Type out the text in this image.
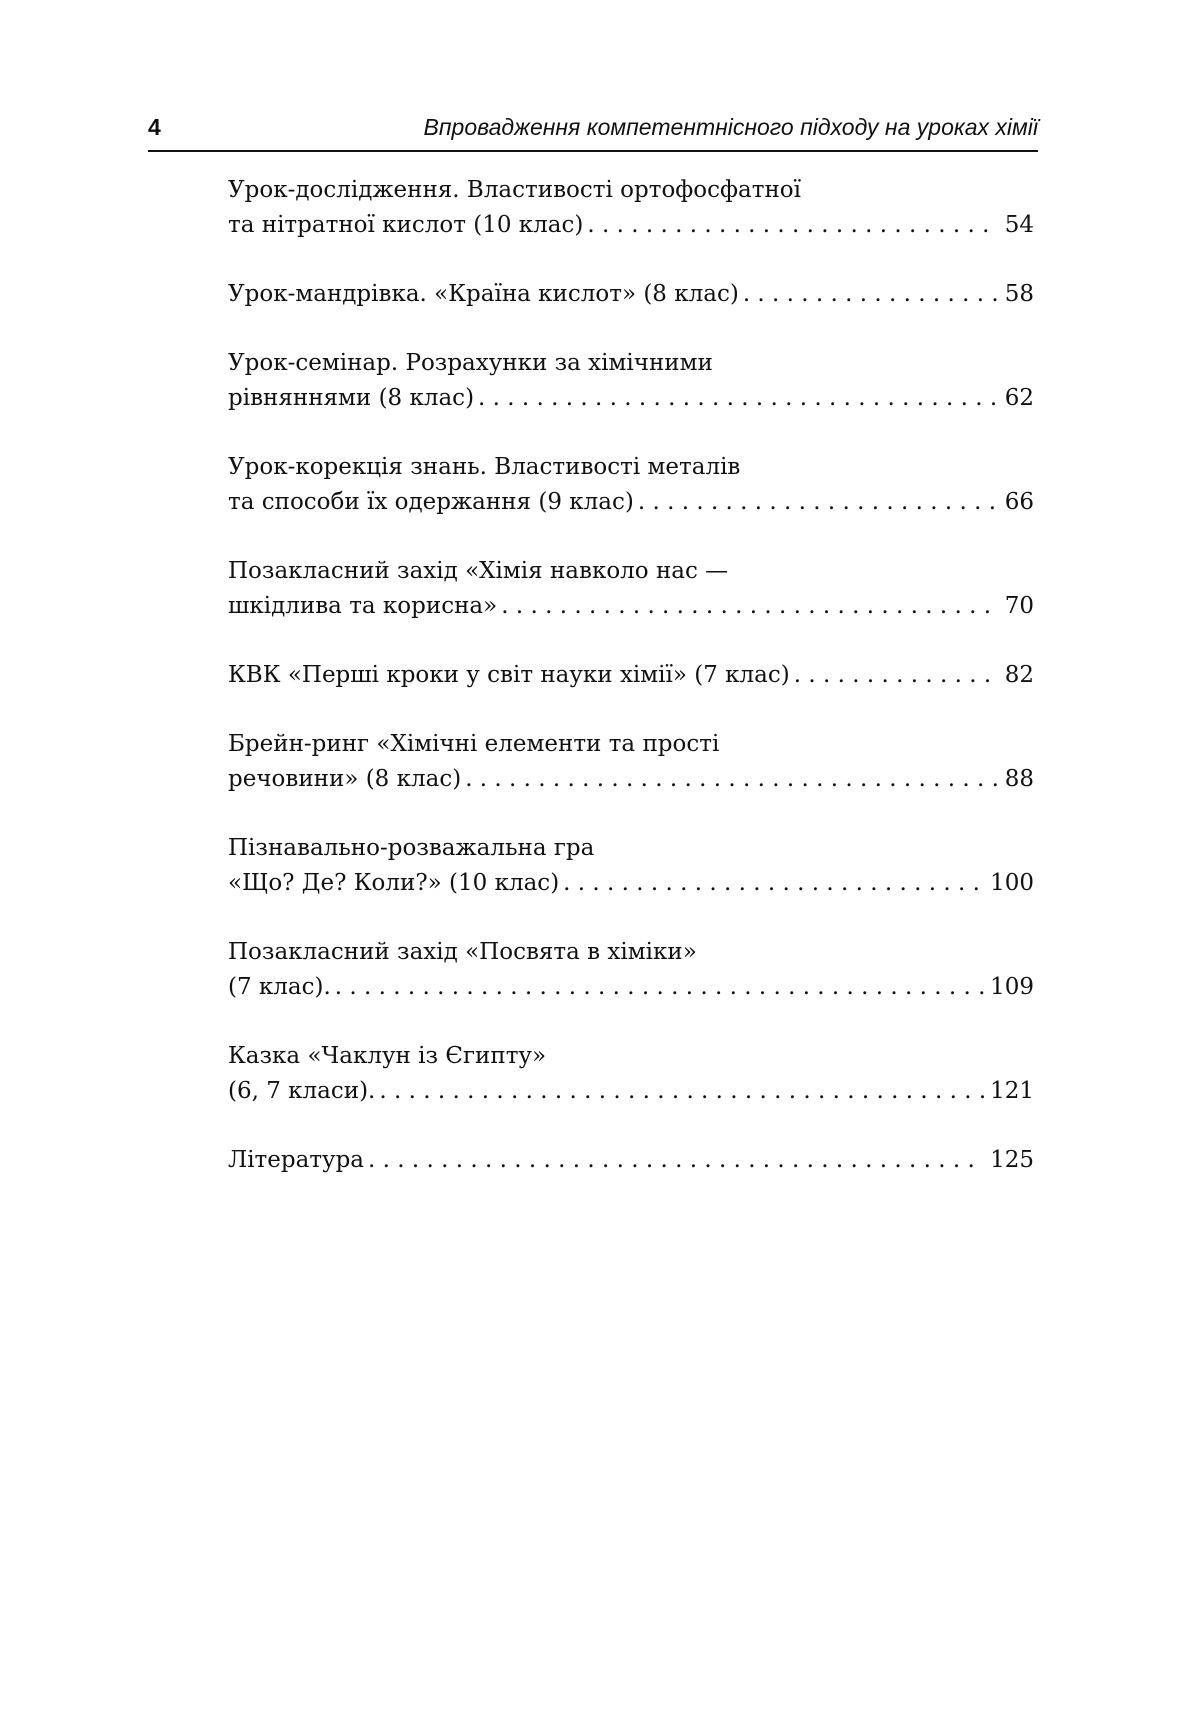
4	Впровадження компетентнісного підходу на уроках хімії
Урок-дослідження. Властивості ортофосфатної
та нітратної кислот (10 клас) . . .	54
Урок-мандрівка. «Країна кислот» (8 клас) . . .	58
Урок-семінар. Розрахунки за хімічними
рівняннями (8 клас) . . .	62
Урок-корекція знань. Властивості металів
та способи їх одержання (9 клас) . . .	66
Позакласний захід «Хімія навколо нас —
шкідлива та корисна» . . .	70
КВК «Перші кроки у світ науки хімії» (7 клас) . . .	82
Брейн-ринг «Хімічні елементи та прості
речовини» (8 клас) . . .	88
Пізнавально-розважальна гра
«Що? Де? Коли?» (10 клас) . . .	100
Позакласний захід «Посвята в хіміки»
(7 клас). . . .	109
Казка «Чаклун із Єгипту»
(6, 7 класи). . . .	121
Література . . .	125
